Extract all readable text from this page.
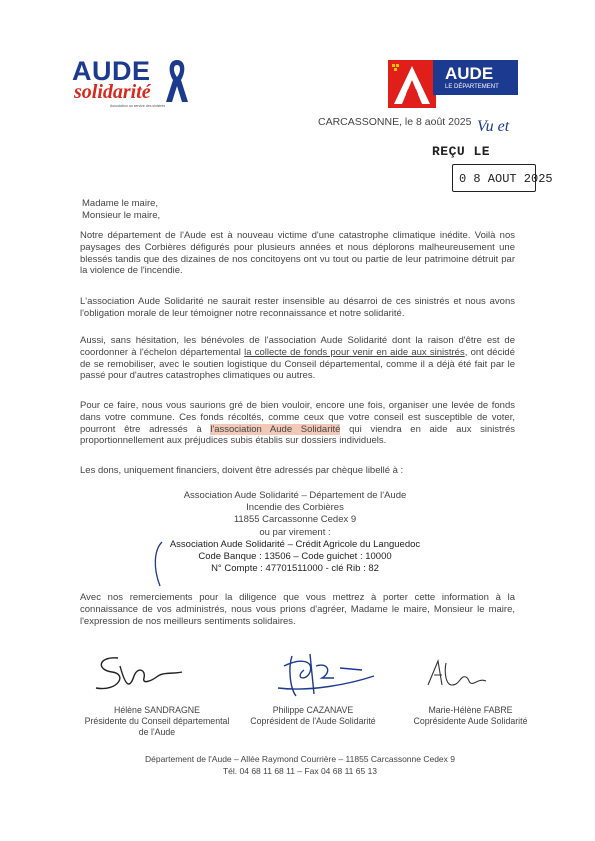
AUDE
solidarité
Association au service des sinistrés
AUDE
LE DÉPARTEMENT
CARCASSONNE, le 8 août 2025 Vu et
REÇU LE
0 8 AOUT 2025
Madame le maire,
Monsieur le maire,
Notre département de l'Aude est à nouveau victime d'une catastrophe climatique inédite. Voilà nos paysages des Corbières défigurés pour plusieurs années et nous déplorons malheureusement une blessés tandis que des dizaines de nos concitoyens ont vu tout ou partie de leur patrimoine détruit par la violence de l'incendie.
L'association Aude Solidarité ne saurait rester insensible au désarroi de ces sinistrés et nous avons l'obligation morale de leur témoigner notre reconnaissance et notre solidarité.
Aussi, sans hésitation, les bénévoles de l'association Aude Solidarité dont la raison d'être est de coordonner à l'échelon départemental la collecte de fonds pour venir en aide aux sinistrés, ont décidé de se remobiliser, avec le soutien logistique du Conseil départemental, comme il a déjà été fait par le passé pour d'autres catastrophes climatiques ou autres.
Pour ce faire, nous vous saurions gré de bien vouloir, encore une fois, organiser une levée de fonds dans votre commune. Ces fonds récoltés, comme ceux que votre conseil est susceptible de voter, pourront être adressés à l'association Aude Solidarité qui viendra en aide aux sinistrés proportionnellement aux préjudices subis établis sur dossiers individuels.
Les dons, uniquement financiers, doivent être adressés par chèque libellé à :
Association Aude Solidarité – Département de l'Aude
Incendie des Corbières
11855 Carcassonne Cedex 9
ou par virement :
Association Aude Solidarité – Crédit Agricole du Languedoc
Code Banque : 13506 – Code guichet : 10000
N° Compte : 47701511000 - clé Rib : 82
Avec nos remerciements pour la diligence que vous mettrez à porter cette information à la connaissance de vos administrés, nous vous prions d'agréer, Madame le maire, Monsieur le maire, l'expression de nos meilleurs sentiments solidaires.
Hélène SANDRAGNE
Présidente du Conseil départemental
de l'Aude
Philippe CAZANAVE
Coprésident de l'Aude Solidarité
Marie-Hélène FABRE
Coprésidente Aude Solidarité
Département de l'Aude – Allée Raymond Courrière – 11855 Carcassonne Cedex 9
Tél. 04 68 11 68 11 – Fax 04 68 11 65 13
